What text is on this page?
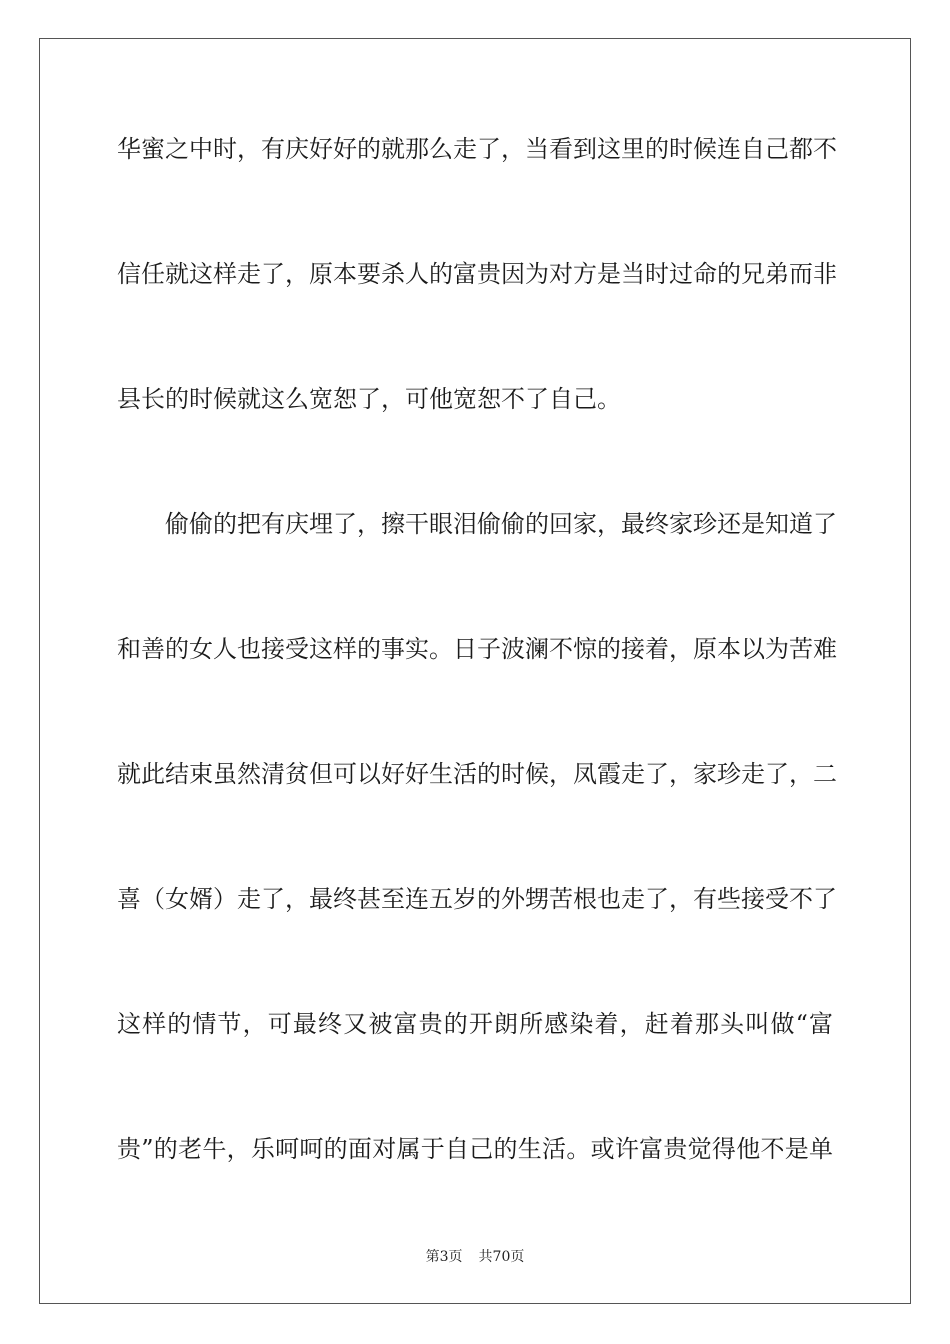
华蜜之中时，有庆好好的就那么走了，当看到这里的时候连自己都不
信任就这样走了，原本要杀人的富贵因为对方是当时过命的兄弟而非
县长的时候就这么宽恕了，可他宽恕不了自己。
偷偷的把有庆埋了，擦干眼泪偷偷的回家，最终家珍还是知道了
和善的女人也接受这样的事实。日子波澜不惊的接着，原本以为苦难
就此结束虽然清贫但可以好好生活的时候，凤霞走了，家珍走了，二
喜（女婿）走了，最终甚至连五岁的外甥苦根也走了，有些接受不了
这样的情节，可最终又被富贵的开朗所感染着，赶着那头叫做“富
贵”的老牛，乐呵呵的面对属于自己的生活。或许富贵觉得他不是单
第3页 共70页
